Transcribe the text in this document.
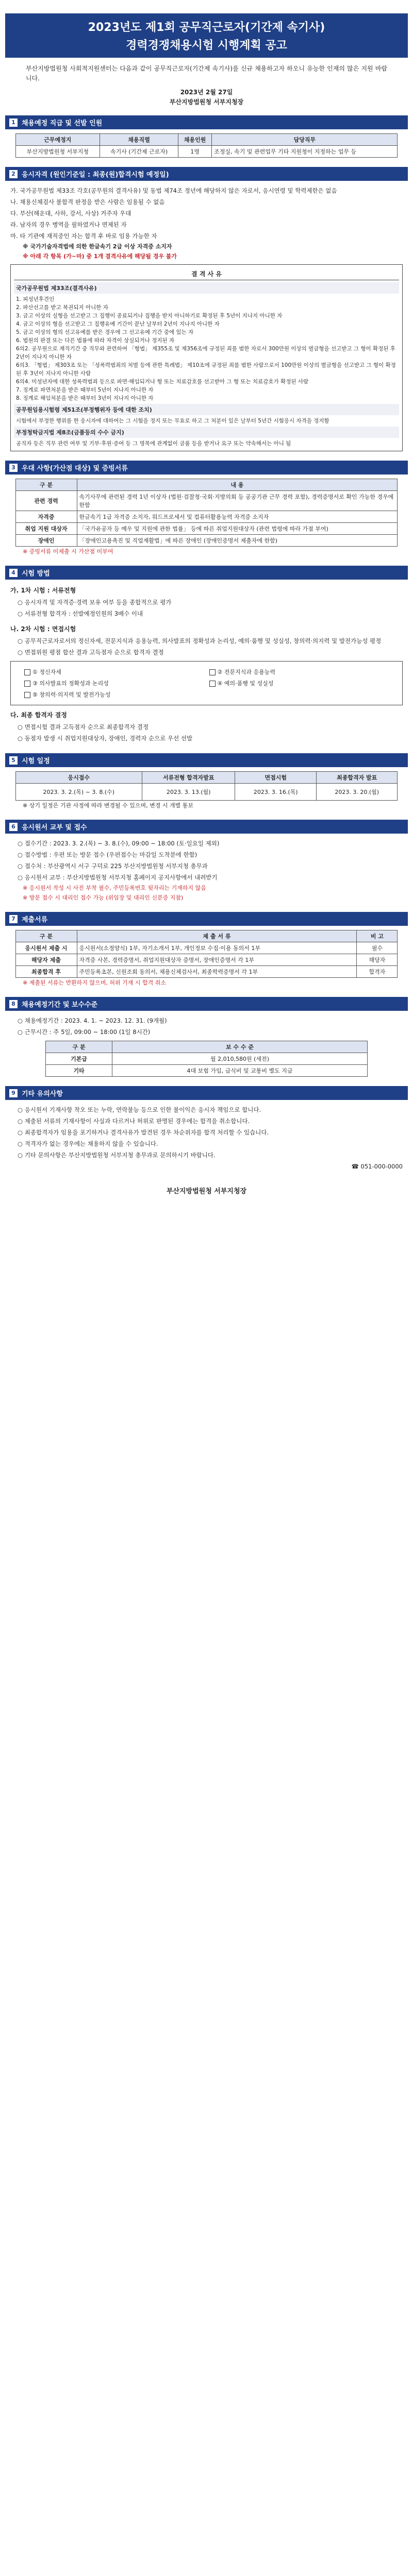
2023년도 제1회 공무직근로자(기간제 속기사)
경력경쟁채용시험 시행계획 공고
부산지방법원청 사회적지원센터는 다음과 같이 공무직근로자(기간제 속기사)를 신규 채용하고자 하오니 유능한 인재의 많은 지원 바랍니다.
2023년 2월 27일
부산지방법원청 서부지청장
1 채용예정 직급 및 선발 인원
근무예정지	채용직렬	채용인원	담당직무
부산지방법원청 서부지청	속기사 (기간제 근로자)	1명	조정실, 속기 및 관련업무 기타 지원청이 지정하는 업무 등
2 응시자격 (원인기준일 : 최종(원)합격시험 예정일)
가. 국가공무원법 제33조 각호(공무원의 결격사유) 및 동법 제74조 정년에 해당하지 않은 자로서, 응시연령 및 학력제한은 없음
나. 채용신체검사 불합격 판정을 받은 사람은 임용될 수 없음
다. 부산(해운대, 사하, 강서, 사상) 거주자 우대
라. 남자의 경우 병역을 필하였거나 면제된 자
마. 타 기관에 재직중인 자는 합격 후 바로 임용 가능한 자
※ 국가기술자격법에 의한 한글속기 2급 이상 자격증 소지자
※ 아래 각 항목 (가~마) 중 1개 결격사유에 해당될 경우 불가
결 격 사 유
국가공무원법 제33조(결격사유)
1. 피성년후견인
2. 파산선고를 받고 복권되지 아니한 자
3. 금고 이상의 실형을 선고받고 그 집행이 종료되거나 집행을 받지 아니하기로 확정된 후 5년이 지나지 아니한 자
4. 금고 이상의 형을 선고받고 그 집행유예 기간이 끝난 날부터 2년이 지나지 아니한 자
5. 금고 이상의 형의 선고유예를 받은 경우에 그 선고유예 기간 중에 있는 자
6. 법원의 판결 또는 다른 법률에 따라 자격이 상실되거나 정지된 자
6의2. 공무원으로 재직기간 중 직무와 관련하여 「형법」 제355조 및 제356조에 규정된 죄를 범한 자로서 300만원 이상의 벌금형을 선고받고 그 형이 확정된 후 2년이 지나지 아니한 자
6의3. 「형법」 제303조 또는 「성폭력범죄의 처벌 등에 관한 특례법」 제10조에 규정된 죄를 범한 사람으로서 100만원 이상의 벌금형을 선고받고 그 형이 확정된 후 3년이 지나지 아니한 사람
6의4. 미성년자에 대한 성폭력범죄 등으로 파면·해임되거나 형 또는 치료감호를 선고받아 그 형 또는 치료감호가 확정된 사람
7. 징계로 파면처분을 받은 때부터 5년이 지나지 아니한 자
8. 징계로 해임처분을 받은 때부터 3년이 지나지 아니한 자
공무원임용시험령 제51조(부정행위자 등에 대한 조치)
시험에서 부정한 행위를 한 응시자에 대하여는 그 시험을 정지 또는 무효로 하고 그 처분이 있은 날부터 5년간 시험응시 자격을 정지함
부정청탁금지법 제8조(금품등의 수수 금지)
공직자 등은 직무 관련 여부 및 기부·후원·증여 등 그 명목에 관계없이 금품 등을 받거나 요구 또는 약속해서는 아니 됨
3 우대 사항(가산점 대상) 및 증빙서류
구 분	내 용
관련 경력	속기사무에 관련된 경력 1년 이상자 (법원·검찰청·국회·지방의회 등 공공기관 근무 경력 포함), 경력증명서로 확인 가능한 경우에 한함
자격증	한글속기 1급 자격증 소지자, 워드프로세서 및 컴퓨터활용능력 자격증 소지자
취업 지원 대상자	「국가유공자 등 예우 및 지원에 관한 법률」 등에 따른 취업지원대상자 (관련 법령에 따라 가점 부여)
장애인	「장애인고용촉진 및 직업재활법」에 따른 장애인 (장애인증명서 제출자에 한함)
※ 증빙서류 미제출 시 가산점 미부여
4 시험 방법
가. 1차 시험 : 서류전형
○ 응시자격 및 자격증·경력 보유 여부 등을 종합적으로 평가
○ 서류전형 합격자 : 선발예정인원의 3배수 이내
나. 2차 시험 : 면접시험
○ 공무직근로자로서의 정신자세, 전문지식과 응용능력, 의사발표의 정확성과 논리성, 예의·품행 및 성실성, 창의력·의지력 및 발전가능성 평정
○ 면접위원 평점 합산 결과 고득점자 순으로 합격자 결정
① 정신자세	② 전문지식과 응용능력
③ 의사발표의 정확성과 논리성	④ 예의·품행 및 성실성
⑤ 창의력·의지력 및 발전가능성
다. 최종 합격자 결정
○ 면접시험 결과 고득점자 순으로 최종합격자 결정
○ 동점자 발생 시 취업지원대상자, 장애인, 경력자 순으로 우선 선발
5 시험 일정
응시접수	서류전형 합격자발표	면접시험	최종합격자 발표
2023. 3. 2.(목) ~ 3. 8.(수)	2023. 3. 13.(월)	2023. 3. 16.(목)	2023. 3. 20.(월)
※ 상기 일정은 기관 사정에 따라 변경될 수 있으며, 변경 시 개별 통보
6 응시원서 교부 및 접수
○ 접수기간 : 2023. 3. 2.(목) ~ 3. 8.(수), 09:00 ~ 18:00 (토·일요일 제외)
○ 접수방법 : 우편 또는 방문 접수 (우편접수는 마감일 도착분에 한함)
○ 접수처 : 부산광역시 서구 구덕로 225 부산지방법원청 서부지청 총무과
○ 응시원서 교부 : 부산지방법원청 서부지청 홈페이지 공지사항에서 내려받기
※ 응시원서 작성 시 사진 부착 필수, 주민등록번호 뒷자리는 기재하지 않음
※ 방문 접수 시 대리인 접수 가능 (위임장 및 대리인 신분증 지참)
7 제출서류
구 분	제 출 서 류	비 고
응시원서 제출 시	응시원서(소정양식) 1부, 자기소개서 1부, 개인정보 수집·이용 동의서 1부	필수
해당자 제출	자격증 사본, 경력증명서, 취업지원대상자 증명서, 장애인증명서 각 1부	해당자
최종합격 후	주민등록초본, 신원조회 동의서, 채용신체검사서, 최종학력증명서 각 1부	합격자
※ 제출된 서류는 반환하지 않으며, 허위 기재 시 합격 취소
8 채용예정기간 및 보수수준
○ 채용예정기간 : 2023. 4. 1. ~ 2023. 12. 31. (9개월)
○ 근무시간 : 주 5일, 09:00 ~ 18:00 (1일 8시간)
구 분	보 수 수 준
기본급	월 2,010,580원 (세전)
기타	4대 보험 가입, 급식비 및 교통비 별도 지급
9 기타 유의사항
○ 응시원서 기재사항 착오 또는 누락, 연락불능 등으로 인한 불이익은 응시자 책임으로 합니다.
○ 제출된 서류의 기재사항이 사실과 다르거나 허위로 판명된 경우에는 합격을 취소합니다.
○ 최종합격자가 임용을 포기하거나 결격사유가 발견된 경우 차순위자를 합격 처리할 수 있습니다.
○ 적격자가 없는 경우에는 채용하지 않을 수 있습니다.
○ 기타 문의사항은 부산지방법원청 서부지청 총무과로 문의하시기 바랍니다.
☎ 051-000-0000
부산지방법원청 서부지청장
